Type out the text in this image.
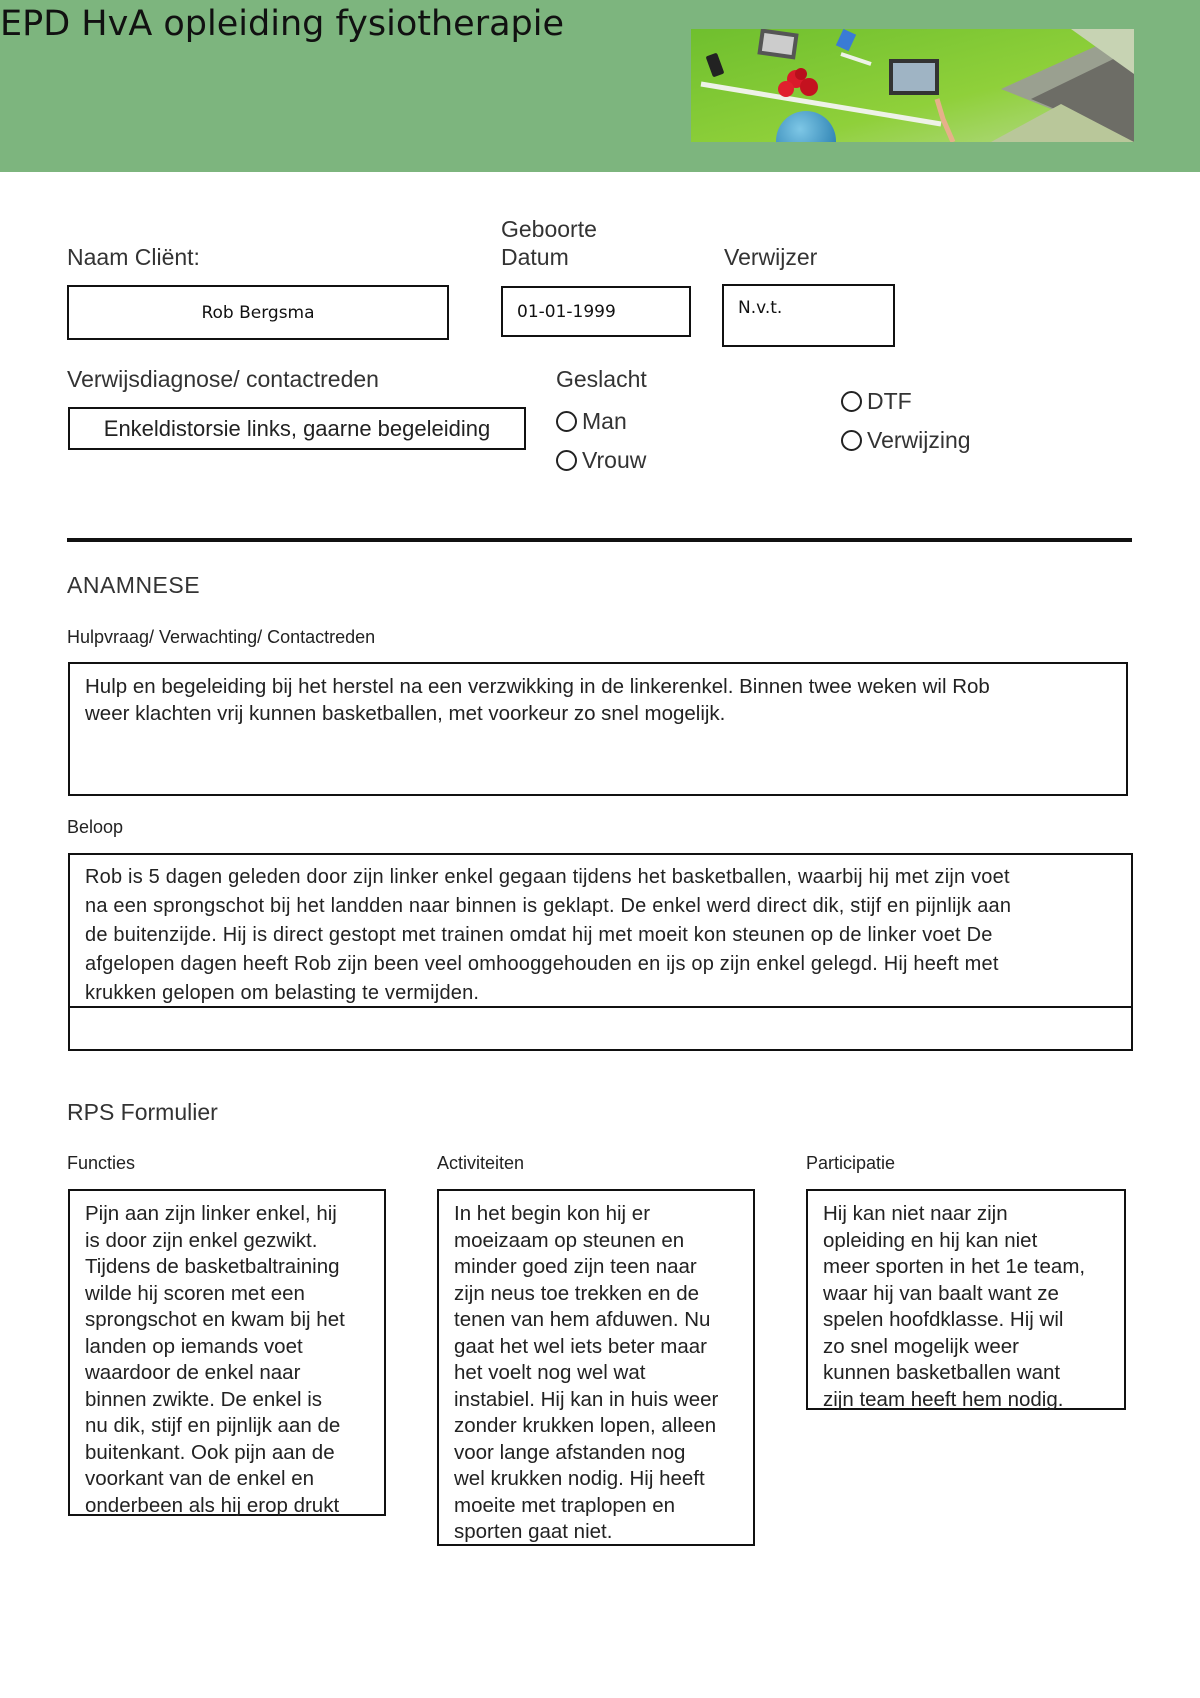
EPD HvA opleiding fysiotherapie
Naam Cliënt:
Rob Bergsma
Geboorte
Datum
01-01-1999
Verwijzer
N.v.t.
Verwijsdiagnose/ contactreden
Enkeldistorsie links, gaarne begeleiding
Geslacht
Man
Vrouw
DTF
Verwijzing
ANAMNESE
Hulpvraag/ Verwachting/ Contactreden
Hulp en begeleiding bij het herstel na een verzwikking in de linkerenkel. Binnen twee weken wil Rob
weer klachten vrij kunnen basketballen, met voorkeur zo snel mogelijk.
Beloop
Rob is 5 dagen geleden door zijn linker enkel gegaan tijdens het basketballen, waarbij hij met zijn voet
na een sprongschot bij het landden naar binnen is geklapt. De enkel werd direct dik, stijf en pijnlijk aan
de buitenzijde. Hij is direct gestopt met trainen omdat hij met moeit kon steunen op de linker voet De
afgelopen dagen heeft Rob zijn been veel omhooggehouden en ijs op zijn enkel gelegd. Hij heeft met
krukken gelopen om belasting te vermijden.
RPS Formulier
Functies
Pijn aan zijn linker enkel, hij
is door zijn enkel gezwikt.
Tijdens de basketbaltraining
wilde hij scoren met een
sprongschot en kwam bij het
landen op iemands voet
waardoor de enkel naar
binnen zwikte. De enkel is
nu dik, stijf en pijnlijk aan de
buitenkant. Ook pijn aan de
voorkant van de enkel en
onderbeen als hij erop drukt
Activiteiten
In het begin kon hij er
moeizaam op steunen en
minder goed zijn teen naar
zijn neus toe trekken en de
tenen van hem afduwen. Nu
gaat het wel iets beter maar
het voelt nog wel wat
instabiel. Hij kan in huis weer
zonder krukken lopen, alleen
voor lange afstanden nog
wel krukken nodig. Hij heeft
moeite met traplopen en
sporten gaat niet.
Participatie
Hij kan niet naar zijn
opleiding en hij kan niet
meer sporten in het 1e team,
waar hij van baalt want ze
spelen hoofdklasse. Hij wil
zo snel mogelijk weer
kunnen basketballen want
zijn team heeft hem nodig.
